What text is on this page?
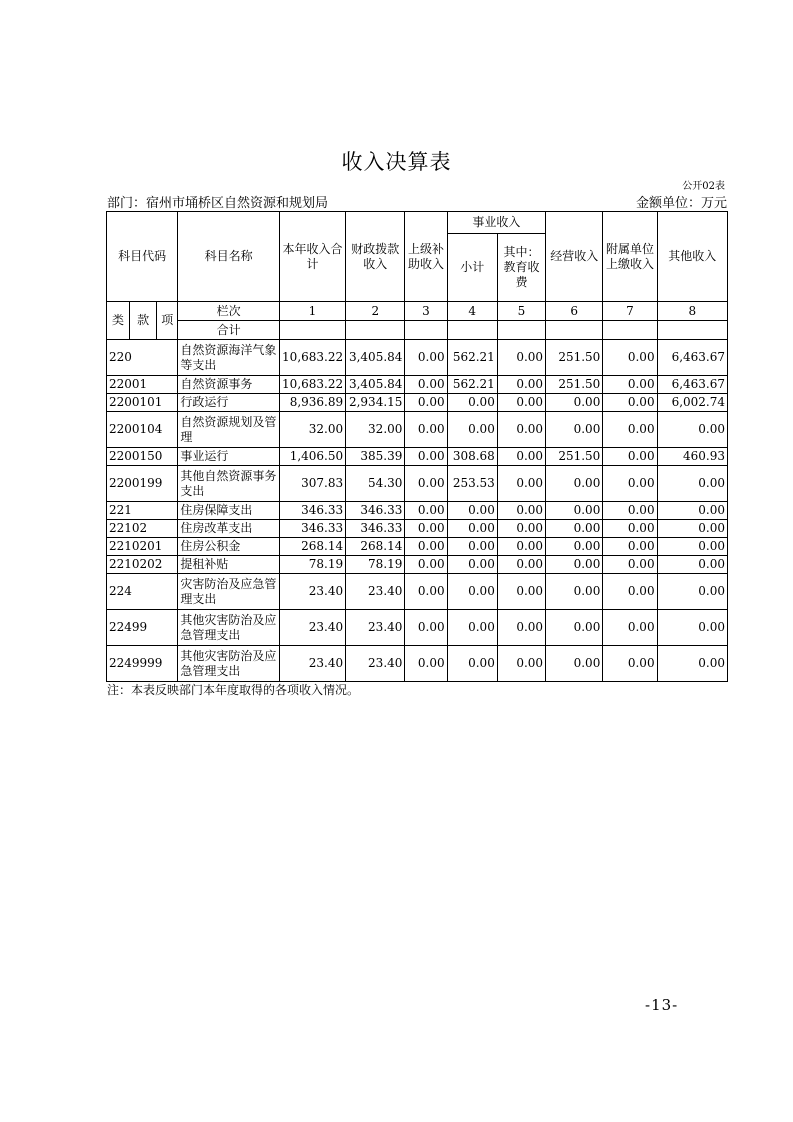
收入决算表
公开02表
部门：宿州市埇桥区自然资源和规划局	金额单位：万元
科目代码			科目名称	本年收入合计	财政拨款收入	上级补助收入	事业收入		经营收入	附属单位上缴收入	其他收入
							小计	其中：教育收费			
类	款	项	栏次	1	2	3	4	5	6	7	8
			合计								
220			自然资源海洋气象等支出	10,683.22	3,405.84	0.00	562.21	0.00	251.50	0.00	6,463.67
22001			自然资源事务	10,683.22	3,405.84	0.00	562.21	0.00	251.50	0.00	6,463.67
2200101			行政运行	8,936.89	2,934.15	0.00	0.00	0.00	0.00	0.00	6,002.74
2200104			自然资源规划及管理	32.00	32.00	0.00	0.00	0.00	0.00	0.00	0.00
2200150			事业运行	1,406.50	385.39	0.00	308.68	0.00	251.50	0.00	460.93
2200199			其他自然资源事务支出	307.83	54.30	0.00	253.53	0.00	0.00	0.00	0.00
221			住房保障支出	346.33	346.33	0.00	0.00	0.00	0.00	0.00	0.00
22102			住房改革支出	346.33	346.33	0.00	0.00	0.00	0.00	0.00	0.00
2210201			住房公积金	268.14	268.14	0.00	0.00	0.00	0.00	0.00	0.00
2210202			提租补贴	78.19	78.19	0.00	0.00	0.00	0.00	0.00	0.00
224			灾害防治及应急管理支出	23.40	23.40	0.00	0.00	0.00	0.00	0.00	0.00
22499			其他灾害防治及应急管理支出	23.40	23.40	0.00	0.00	0.00	0.00	0.00	0.00
2249999			其他灾害防治及应急管理支出	23.40	23.40	0.00	0.00	0.00	0.00	0.00	0.00
注：本表反映部门本年度取得的各项收入情况。
-13-
